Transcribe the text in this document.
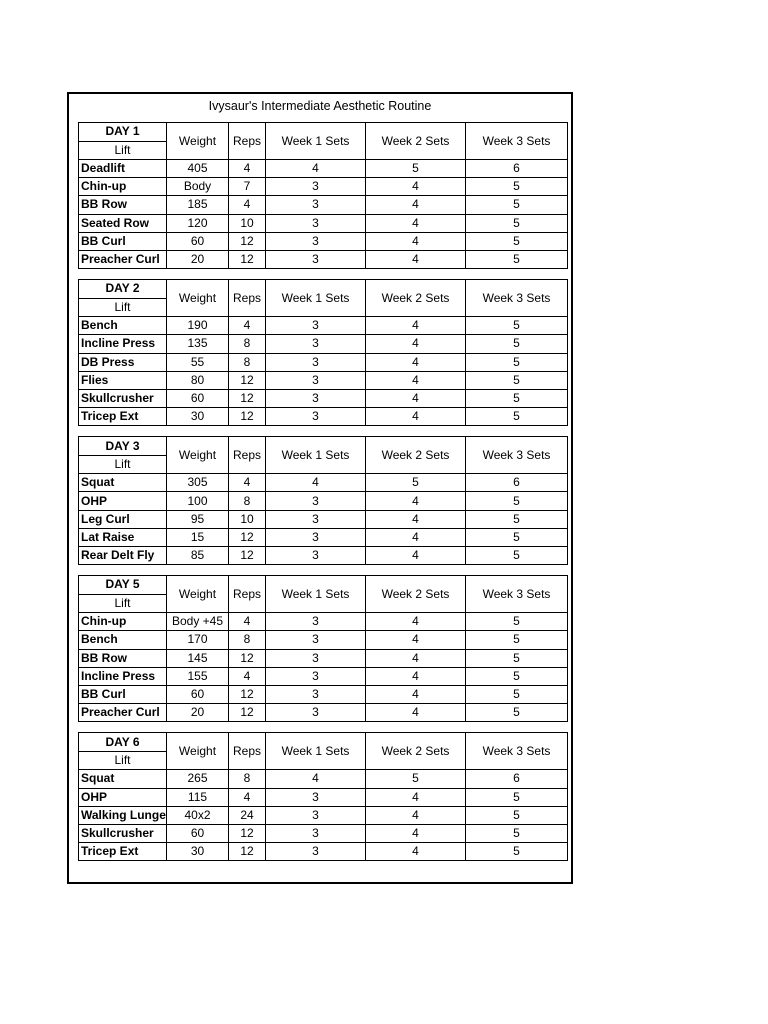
Ivysaur's Intermediate Aesthetic Routine
DAY 1	Weight	Reps	Week 1 Sets	Week 2 Sets	Week 3 Sets
Lift					
Deadlift	405	4	4	5	6
Chin-up	Body	7	3	4	5
BB Row	185	4	3	4	5
Seated Row	120	10	3	4	5
BB Curl	60	12	3	4	5
Preacher Curl	20	12	3	4	5
DAY 2	Weight	Reps	Week 1 Sets	Week 2 Sets	Week 3 Sets
Lift					
Bench	190	4	3	4	5
Incline Press	135	8	3	4	5
DB Press	55	8	3	4	5
Flies	80	12	3	4	5
Skullcrusher	60	12	3	4	5
Tricep Ext	30	12	3	4	5
DAY 3	Weight	Reps	Week 1 Sets	Week 2 Sets	Week 3 Sets
Lift					
Squat	305	4	4	5	6
OHP	100	8	3	4	5
Leg Curl	95	10	3	4	5
Lat Raise	15	12	3	4	5
Rear Delt Fly	85	12	3	4	5
DAY 5	Weight	Reps	Week 1 Sets	Week 2 Sets	Week 3 Sets
Lift					
Chin-up	Body +45	4	3	4	5
Bench	170	8	3	4	5
BB Row	145	12	3	4	5
Incline Press	155	4	3	4	5
BB Curl	60	12	3	4	5
Preacher Curl	20	12	3	4	5
DAY 6	Weight	Reps	Week 1 Sets	Week 2 Sets	Week 3 Sets
Lift					
Squat	265	8	4	5	6
OHP	115	4	3	4	5
Walking Lunge	40x2	24	3	4	5
Skullcrusher	60	12	3	4	5
Tricep Ext	30	12	3	4	5
